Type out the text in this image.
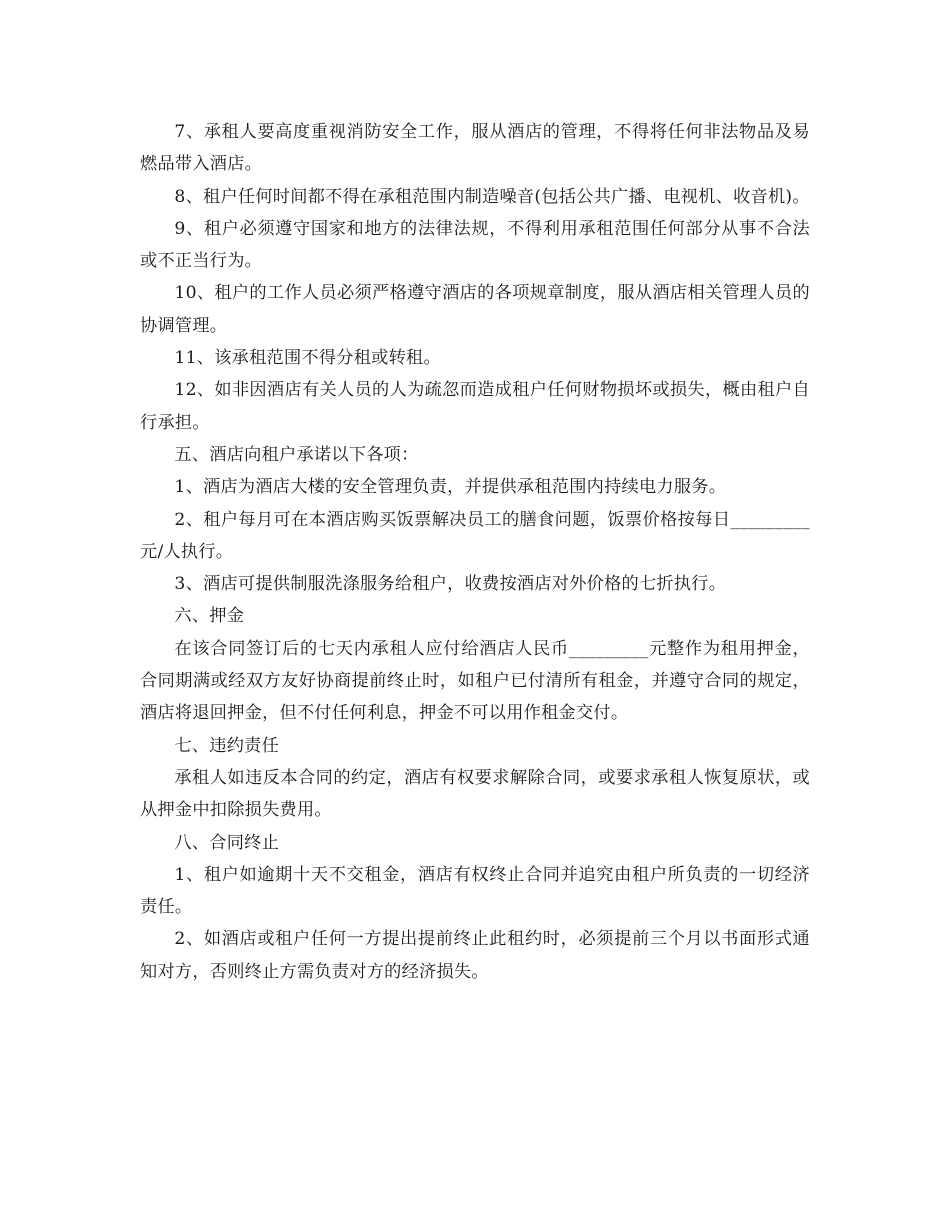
7、承租人要高度重视消防安全工作，服从酒店的管理，不得将任何非法物品及易燃品带入酒店。

8、租户任何时间都不得在承租范围内制造噪音(包括公共广播、电视机、收音机)。

9、租户必须遵守国家和地方的法律法规，不得利用承租范围任何部分从事不合法或不正当行为。

10、租户的工作人员必须严格遵守酒店的各项规章制度，服从酒店相关管理人员的协调管理。

11、该承租范围不得分租或转租。

12、如非因酒店有关人员的人为疏忽而造成租户任何财物损坏或损失，概由租户自行承担。

五、酒店向租户承诺以下各项：

1、酒店为酒店大楼的安全管理负责，并提供承租范围内持续电力服务。

2、租户每月可在本酒店购买饭票解决员工的膳食问题，饭票价格按每日_________元/人执行。

3、酒店可提供制服洗涤服务给租户，收费按酒店对外价格的七折执行。

六、押金

在该合同签订后的七天内承租人应付给酒店人民币_________元整作为租用押金，合同期满或经双方友好协商提前终止时，如租户已付清所有租金，并遵守合同的规定，酒店将退回押金，但不付任何利息，押金不可以用作租金交付。

七、违约责任

承租人如违反本合同的约定，酒店有权要求解除合同，或要求承租人恢复原状，或从押金中扣除损失费用。

八、合同终止

1、租户如逾期十天不交租金，酒店有权终止合同并追究由租户所负责的一切经济责任。

2、如酒店或租户任何一方提出提前终止此租约时，必须提前三个月以书面形式通知对方，否则终止方需负责对方的经济损失。
